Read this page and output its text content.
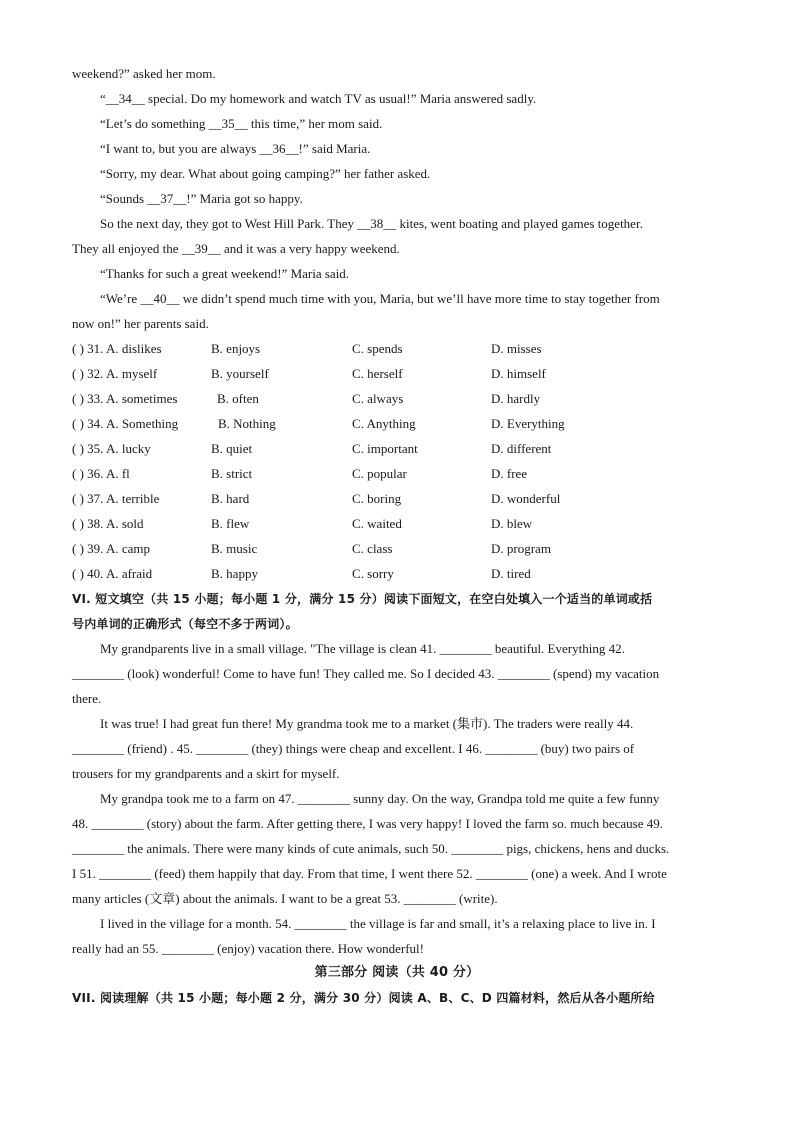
weekend?” asked her mom.
“__34__ special. Do my homework and watch TV as usual!” Maria answered sadly.
“Let’s do something __35__ this time,” her mom said.
“I want to, but you are always __36__!” said Maria.
“Sorry, my dear. What about going camping?” her father asked.
“Sounds __37__!” Maria got so happy.
So the next day, they got to West Hill Park. They __38__ kites, went boating and played games together.
They all enjoyed the __39__ and it was a very happy weekend.
“Thanks for such a great weekend!” Maria said.
“We’re __40__ we didn’t spend much time with you, Maria, but we’ll have more time to stay together from
now on!” her parents said.
( ) 31. A. dislikes	B. enjoys	C. spends	D. misses
( ) 32. A. myself	B. yourself	C. herself	D. himself
( ) 33. A. sometimes	B. often	C. always	D. hardly
( ) 34. A. Something	B. Nothing	C. Anything	D. Everything
( ) 35. A. lucky	B. quiet	C. important	D. different
( ) 36. A. fl	B. strict	C. popular	D. free
( ) 37. A. terrible	B. hard	C. boring	D. wonderful
( ) 38. A. sold	B. flew	C. waited	D. blew
( ) 39. A. camp	B. music	C. class	D. program
( ) 40. A. afraid	B. happy	C. sorry	D. tired
VI. 短文填空（共 15 小题；每小题 1 分，满分 15 分）阅读下面短文，在空白处填入一个适当的单词或括
号内单词的正确形式（每空不多于两词）。
My grandparents live in a small village. "The village is clean 41. ________ beautiful. Everything 42.
________ (look) wonderful! Come to have fun! They called me. So I decided 43. ________ (spend) my vacation
there.
It was true! I had great fun there! My grandma took me to a market (集市). The traders were really 44.
________ (friend) . 45. ________ (they) things were cheap and excellent. I 46. ________ (buy) two pairs of
trousers for my grandparents and a skirt for myself.
My grandpa took me to a farm on 47. ________ sunny day. On the way, Grandpa told me quite a few funny
48. ________ (story) about the farm. After getting there, I was very happy! I loved the farm so. much because 49.
________ the animals. There were many kinds of cute animals, such 50. ________ pigs, chickens, hens and ducks.
I 51. ________ (feed) them happily that day. From that time, I went there 52. ________ (one) a week. And I wrote
many articles (文章) about the animals. I want to be a great 53. ________ (write).
I lived in the village for a month. 54. ________ the village is far and small, it’s a relaxing place to live in. I
really had an 55. ________ (enjoy) vacation there. How wonderful!
第三部分 阅读（共 40 分）
VII. 阅读理解（共 15 小题；每小题 2 分，满分 30 分）阅读 A、B、C、D 四篇材料，然后从各小题所给
